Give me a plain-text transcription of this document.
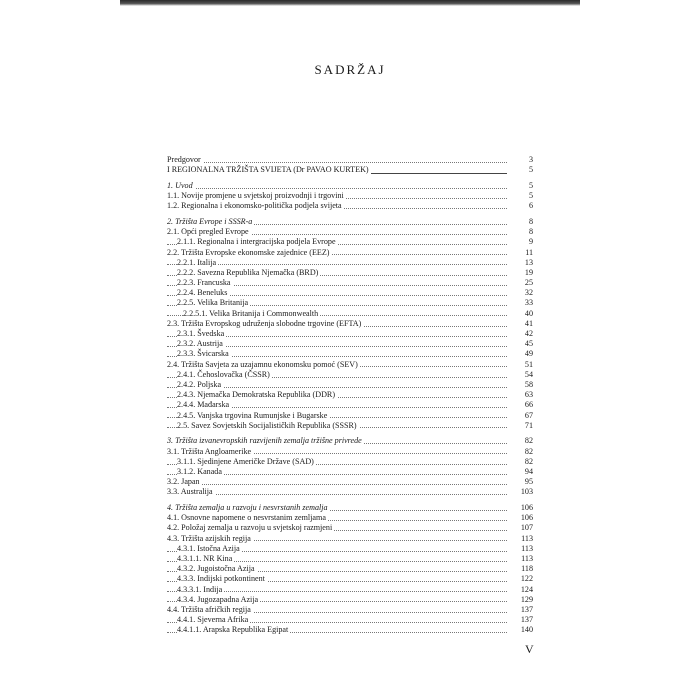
SADRŽAJ
Predgovor	3
I REGIONALNA TRŽIŠTA SVIJETA (Dr PAVAO KURTEK)	5
1. Uvod	5
1.1. Novije promjene u svjetskoj proizvodnji i trgovini	5
1.2. Regionalna i ekonomsko-politička podjela svijeta	6
2. Tržišta Evrope i SSSR-a	8
2.1. Opći pregled Evrope	8
2.1.1. Regionalna i intergracijska podjela Evrope	9
2.2. Tržišta Evropske ekonomske zajednice (EEZ)	11
2.2.1. Italija	13
2.2.2. Savezna Republika Njemačka (BRD)	19
2.2.3. Francuska	25
2.2.4. Beneluks	32
2.2.5. Velika Britanija	33
2.2.5.1. Velika Britanija i Commonwealth	40
2.3. Tržišta Evropskog udruženja slobodne trgovine (EFTA)	41
2.3.1. Švedska	42
2.3.2. Austrija	45
2.3.3. Švicarska	49
2.4. Tržišta Savjeta za uzajamnu ekonomsku pomoć (SEV)	51
2.4.1. Čehoslovačka (ČSSR)	54
2.4.2. Poljska	58
2.4.3. Njemačka Demokratska Republika (DDR)	63
2.4.4. Mađarska	66
2.4.5. Vanjska trgovina Rumunjske i Bugarske	67
2.5. Savez Sovjetskih Socijalističkih Republika (SSSR)	71
3. Tržišta izvanevropskih razvijenih zemalja tržišne privrede	82
3.1. Tržišta Angloamerike	82
3.1.1. Sjedinjene Američke Države (SAD)	82
3.1.2. Kanada	94
3.2. Japan	95
3.3. Australija	103
4. Tržišta zemalja u razvoju i nesvrstanih zemalja	106
4.1. Osnovne napomene o nesvrstanim zemljama	106
4.2. Položaj zemalja u razvoju u svjetskoj razmjeni	107
4.3. Tržišta azijskih regija	113
4.3.1. Istočna Azija	113
4.3.1.1. NR Kina	113
4.3.2. Jugoistočna Azija	118
4.3.3. Indijski potkontinent	122
4.3.3.1. Indija	124
4.3.4. Jugozapadna Azija	129
4.4. Tržišta afričkih regija	137
4.4.1. Sjeverna Afrika	137
4.4.1.1. Arapska Republika Egipat	140
V
